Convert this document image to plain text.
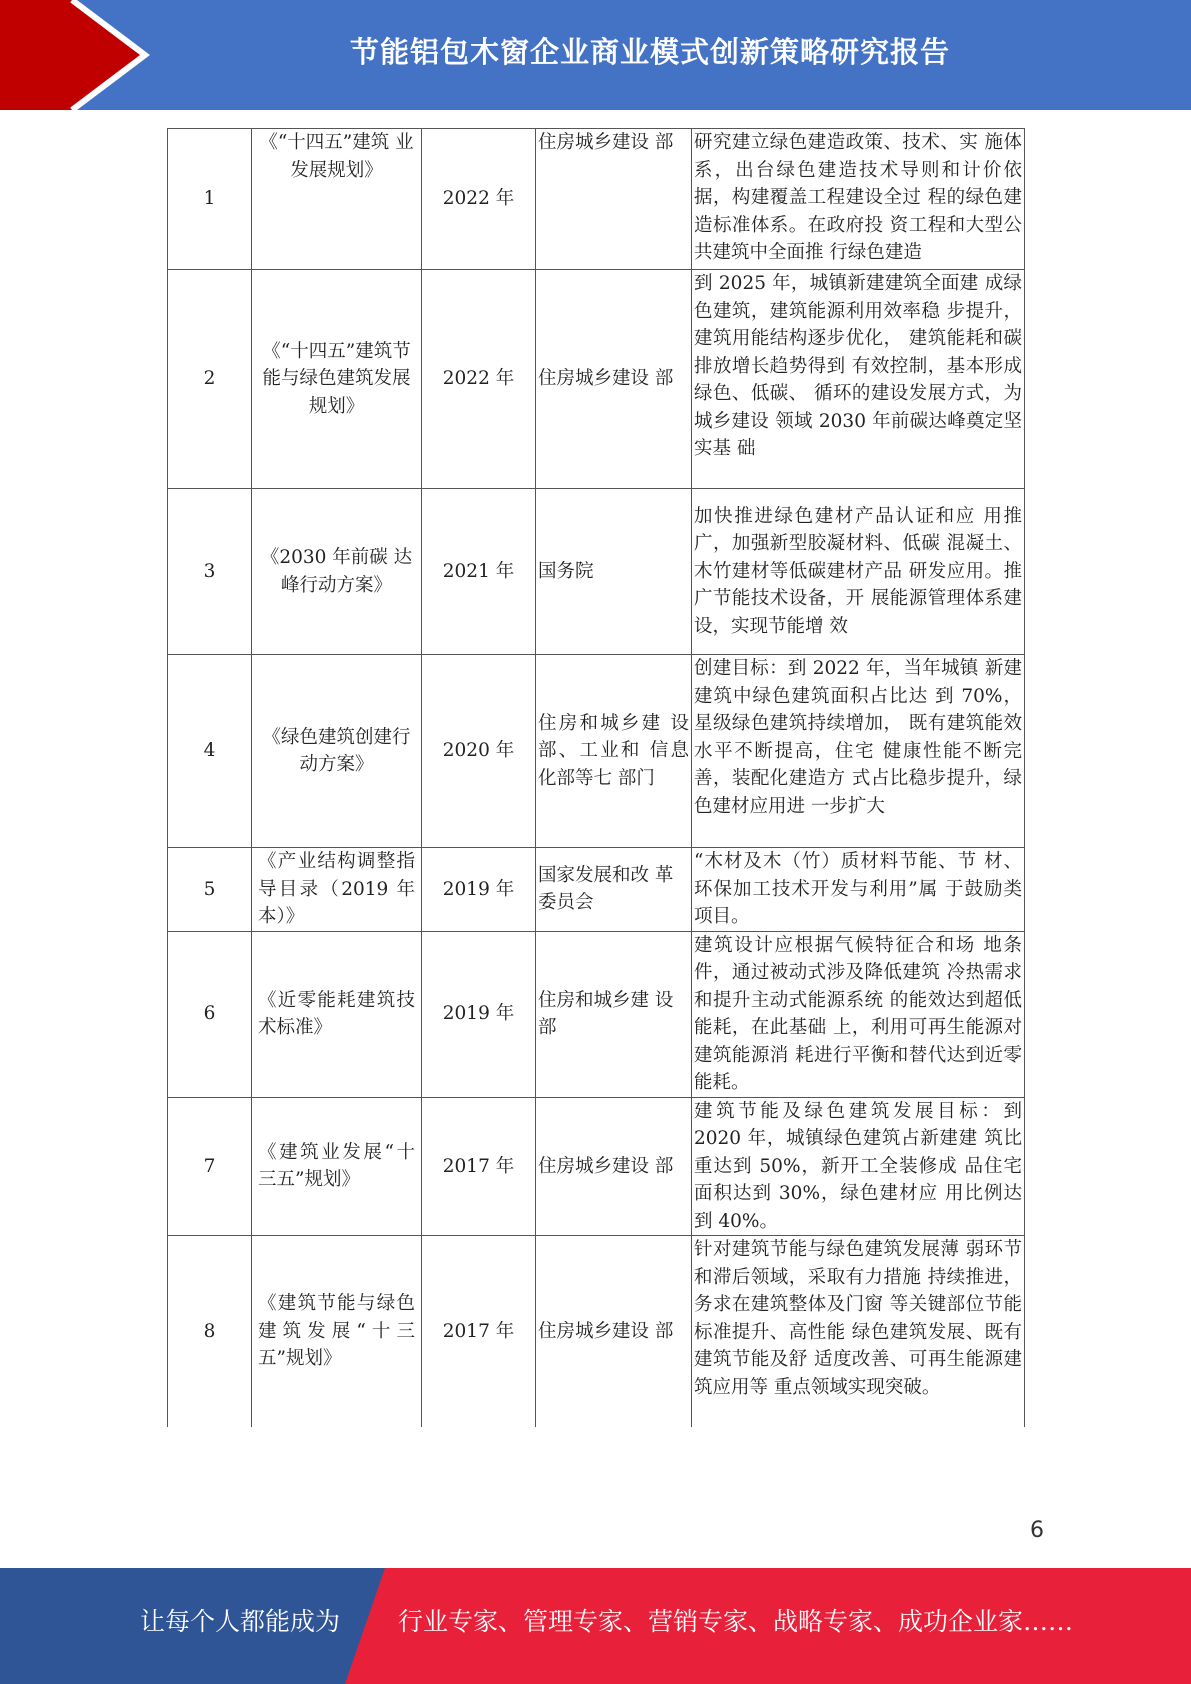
节能铝包木窗企业商业模式创新策略研究报告
1	《“十四五”建筑 业发展规划》	2022 年	住房城乡建设 部	研究建立绿色建造政策、技术、实 施体系，出台绿色建造技术导则和计价依据，构建覆盖工程建设全过 程的绿色建造标准体系。在政府投 资工程和大型公共建筑中全面推 行绿色建造
2	《“十四五”建筑节能与绿色建筑发展规划》	2022 年	住房城乡建设 部	到 2025 年，城镇新建建筑全面建 成绿色建筑，建筑能源利用效率稳 步提升，建筑用能结构逐步优化， 建筑能耗和碳排放增长趋势得到 有效控制，基本形成绿色、低碳、 循环的建设发展方式，为城乡建设 领域 2030 年前碳达峰奠定坚实基 础
3	《2030 年前碳 达峰行动方案》	2021 年	国务院	加快推进绿色建材产品认证和应 用推广，加强新型胶凝材料、低碳 混凝土、木竹建材等低碳建材产品 研发应用。推广节能技术设备，开 展能源管理体系建设，实现节能增 效
4	《绿色建筑创建行动方案》	2020 年	住房和城乡建 设部、工业和 信息化部等七 部门	创建目标：到 2022 年，当年城镇 新建建筑中绿色建筑面积占比达 到 70%，星级绿色建筑持续增加， 既有建筑能效水平不断提高，住宅 健康性能不断完善，装配化建造方 式占比稳步提升，绿色建材应用进 一步扩大
5	《产业结构调整指导目录（2019 年本）》	2019 年	国家发展和改 革委员会	“木材及木（竹）质材料节能、节 材、环保加工技术开发与利用”属 于鼓励类项目。
6	《近零能耗建筑技术标准》	2019 年	住房和城乡建 设部	建筑设计应根据气候特征合和场 地条件，通过被动式涉及降低建筑 冷热需求和提升主动式能源系统 的能效达到超低能耗，在此基础 上，利用可再生能源对建筑能源消 耗进行平衡和替代达到近零能耗。
7	《建筑业发展“十三五”规划》	2017 年	住房城乡建设 部	建筑节能及绿色建筑发展目标：到 2020 年，城镇绿色建筑占新建建 筑比重达到 50%，新开工全装修成 品住宅面积达到 30%，绿色建材应 用比例达到 40%。
8	《建筑节能与绿色建筑发展“十三五”规划》	2017 年	住房城乡建设 部	针对建筑节能与绿色建筑发展薄 弱环节和滞后领域，采取有力措施 持续推进，务求在建筑整体及门窗 等关键部位节能标准提升、高性能 绿色建筑发展、既有建筑节能及舒 适度改善、可再生能源建筑应用等 重点领域实现突破。
6
让每个人都能成为 行业专家、管理专家、营销专家、战略专家、成功企业家……
